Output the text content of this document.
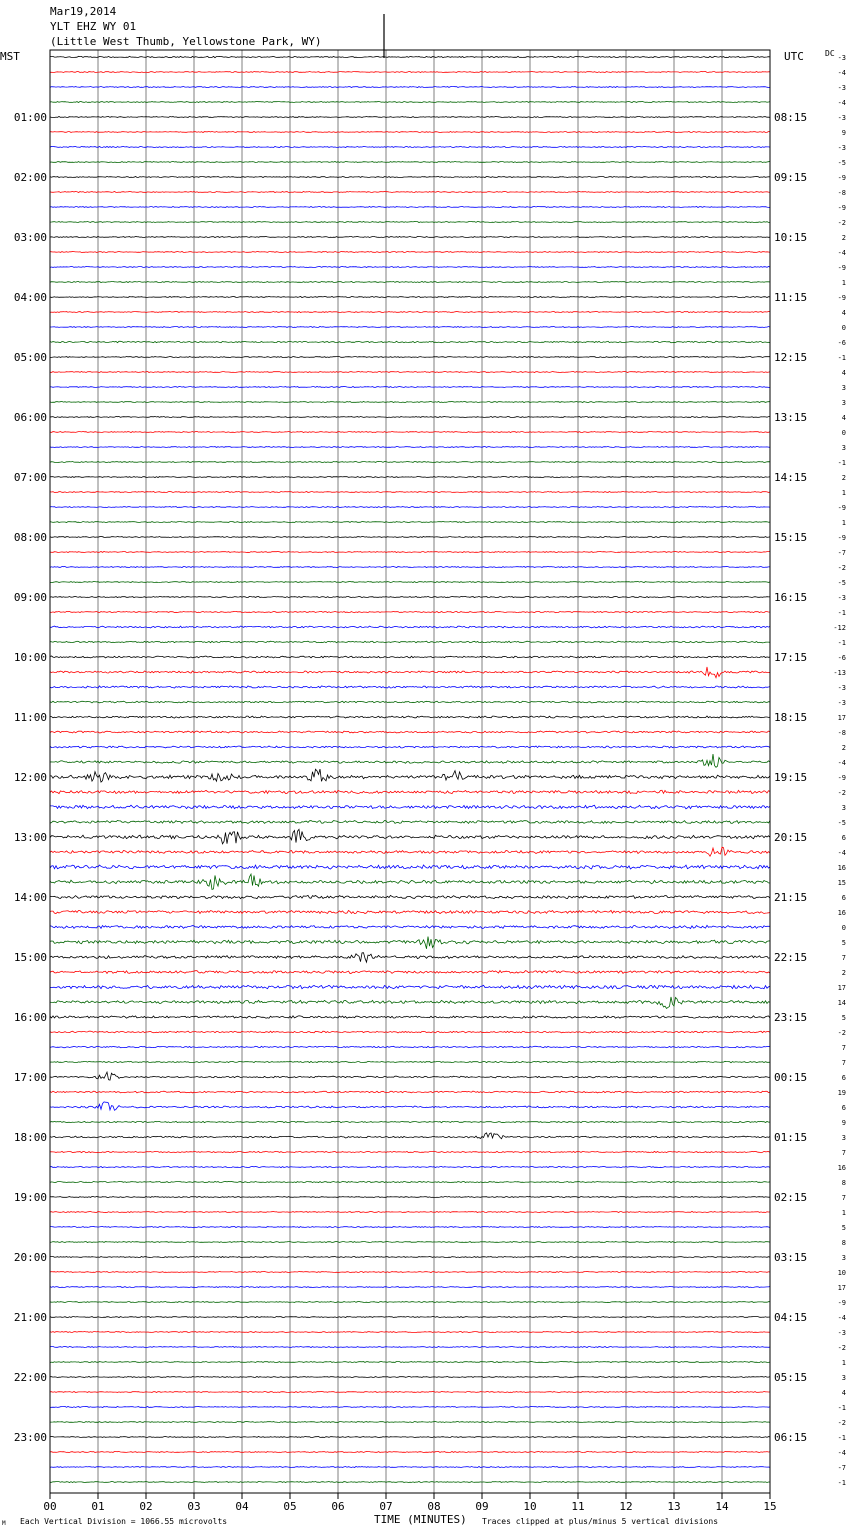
Mar19,2014
YLT EHZ WY 01
(Little West Thumb, Yellowstone Park, WY)
MST	UTC	DC
01:00
02:00
03:00
04:00
05:00
06:00
07:00
08:00
09:00
10:00
11:00
12:00
13:00
14:00
15:00
16:00
17:00
18:00
19:00
20:00
21:00
22:00
23:00
08:15
09:15
10:15
11:15
12:15
13:15
14:15
15:15
16:15
17:15
18:15
19:15
20:15
21:15
22:15
23:15
00:15
01:15
02:15
03:15
04:15
05:15
06:15
-3
-4
-3
-4
-3
9
-3
-5
-9
-8
-9
-2
2
-4
-9
1
-9
4
0
-6
-1
4
3
3
4
0
3
-1
2
1
-9
1
-9
-7
-2
-5
-3
-1
-12
-1
-6
-13
-3
-3
17
-8
2
-4
-9
-2
3
-5
6
-4
16
15
6
16
0
5
7
2
17
14
5
-2
7
7
6
19
6
9
3
7
16
8
7
1
5
8
3
10
17
-9
-4
-3
-2
1
3
4
-1
-2
-1
-4
-7
-1
00	01	02	03	04	05	06	07	08	09	10	11	12	13	14	15
M Each Vertical Division = 1066.55 microvolts	TIME (MINUTES) Traces clipped at plus/minus 5 vertical divisions
